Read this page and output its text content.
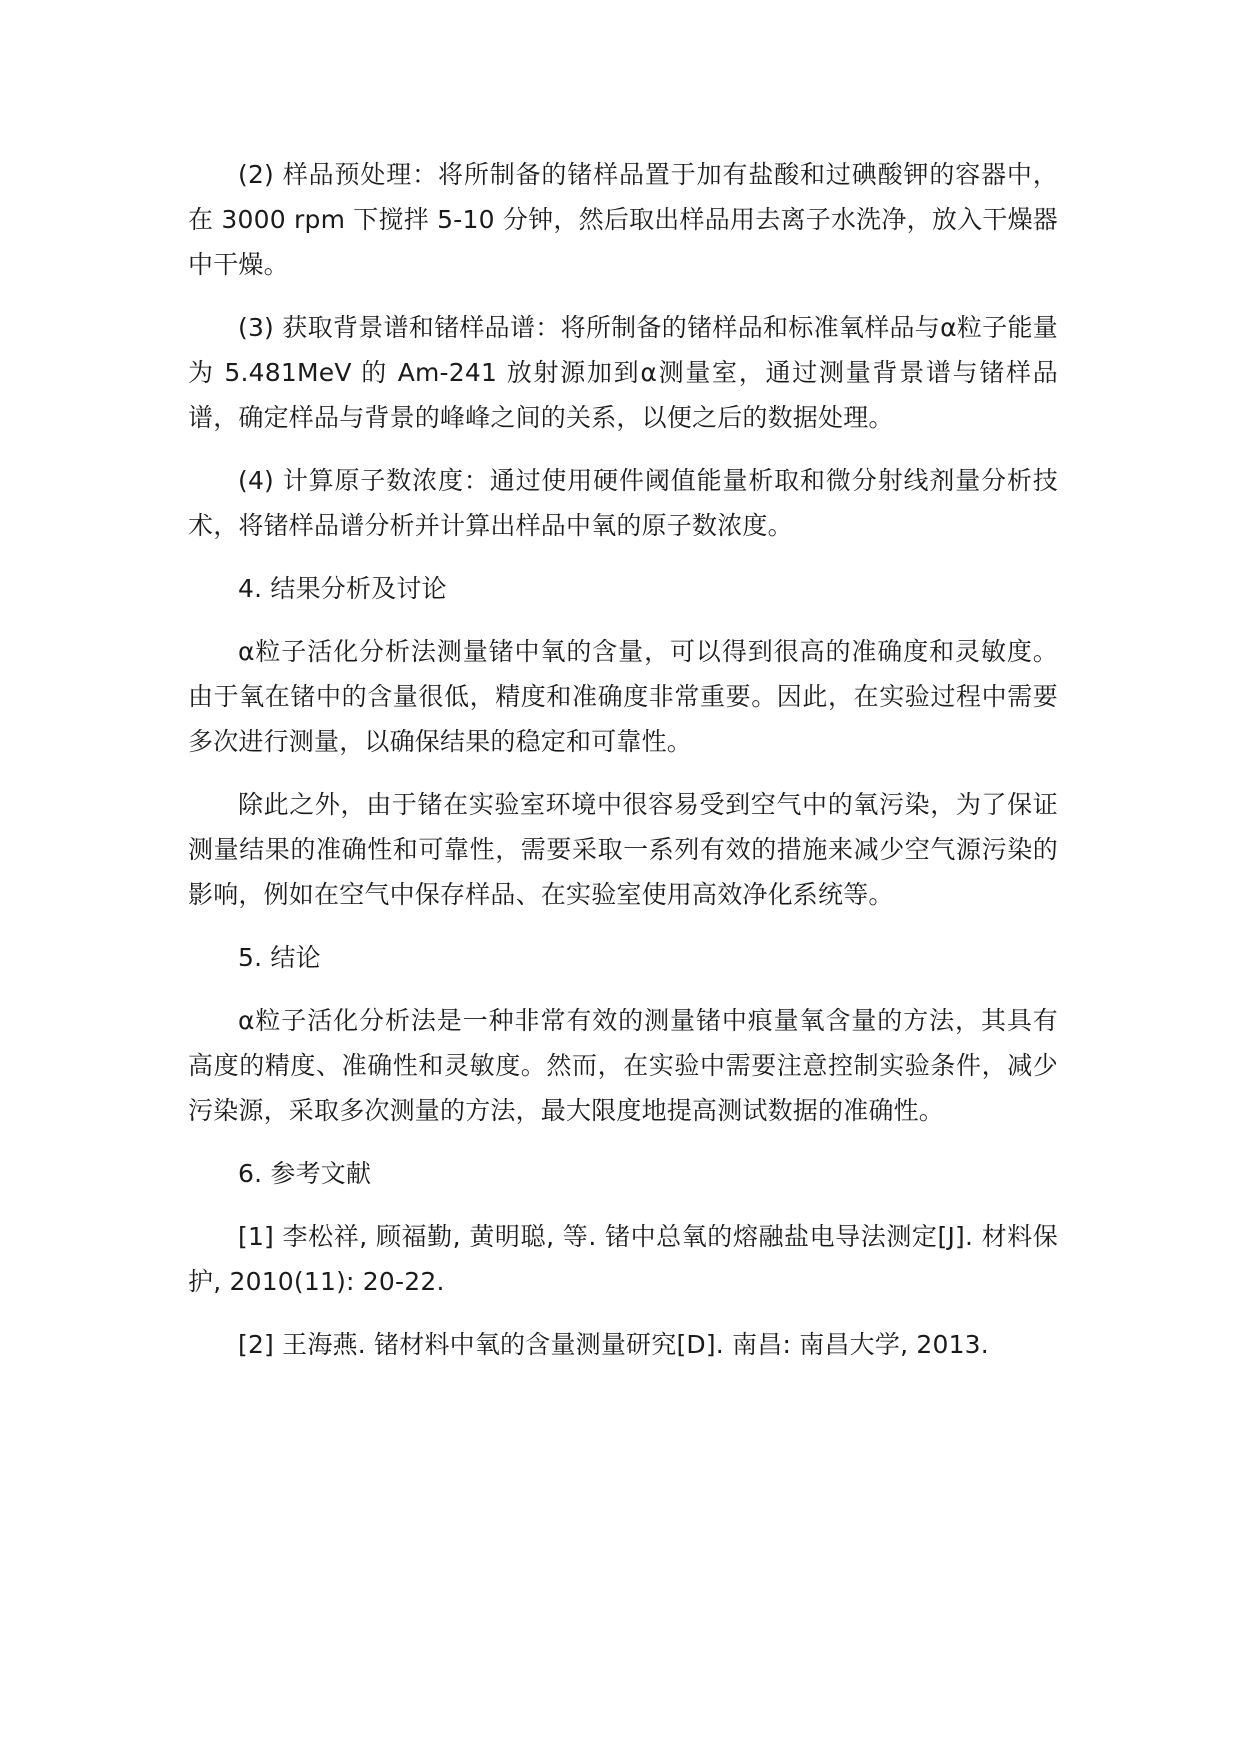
(2) 样品预处理：将所制备的锗样品置于加有盐酸和过碘酸钾的容器中，在 3000 rpm 下搅拌 5-10 分钟，然后取出样品用去离子水洗净，放入干燥器中干燥。

(3) 获取背景谱和锗样品谱：将所制备的锗样品和标准氧样品与α粒子能量为 5.481MeV 的 Am-241 放射源加到α测量室，通过测量背景谱与锗样品谱，确定样品与背景的峰峰之间的关系，以便之后的数据处理。

(4) 计算原子数浓度：通过使用硬件阈值能量析取和微分射线剂量分析技术，将锗样品谱分析并计算出样品中氧的原子数浓度。

4. 结果分析及讨论

α粒子活化分析法测量锗中氧的含量，可以得到很高的准确度和灵敏度。由于氧在锗中的含量很低，精度和准确度非常重要。因此，在实验过程中需要多次进行测量，以确保结果的稳定和可靠性。

除此之外，由于锗在实验室环境中很容易受到空气中的氧污染，为了保证测量结果的准确性和可靠性，需要采取一系列有效的措施来减少空气源污染的影响，例如在空气中保存样品、在实验室使用高效净化系统等。

5. 结论

α粒子活化分析法是一种非常有效的测量锗中痕量氧含量的方法，其具有高度的精度、准确性和灵敏度。然而，在实验中需要注意控制实验条件，减少污染源，采取多次测量的方法，最大限度地提高测试数据的准确性。

6. 参考文献

[1] 李松祥, 顾福勤, 黄明聪, 等. 锗中总氧的熔融盐电导法测定[J]. 材料保护, 2010(11): 20-22.

[2] 王海燕. 锗材料中氧的含量测量研究[D]. 南昌: 南昌大学, 2013.
